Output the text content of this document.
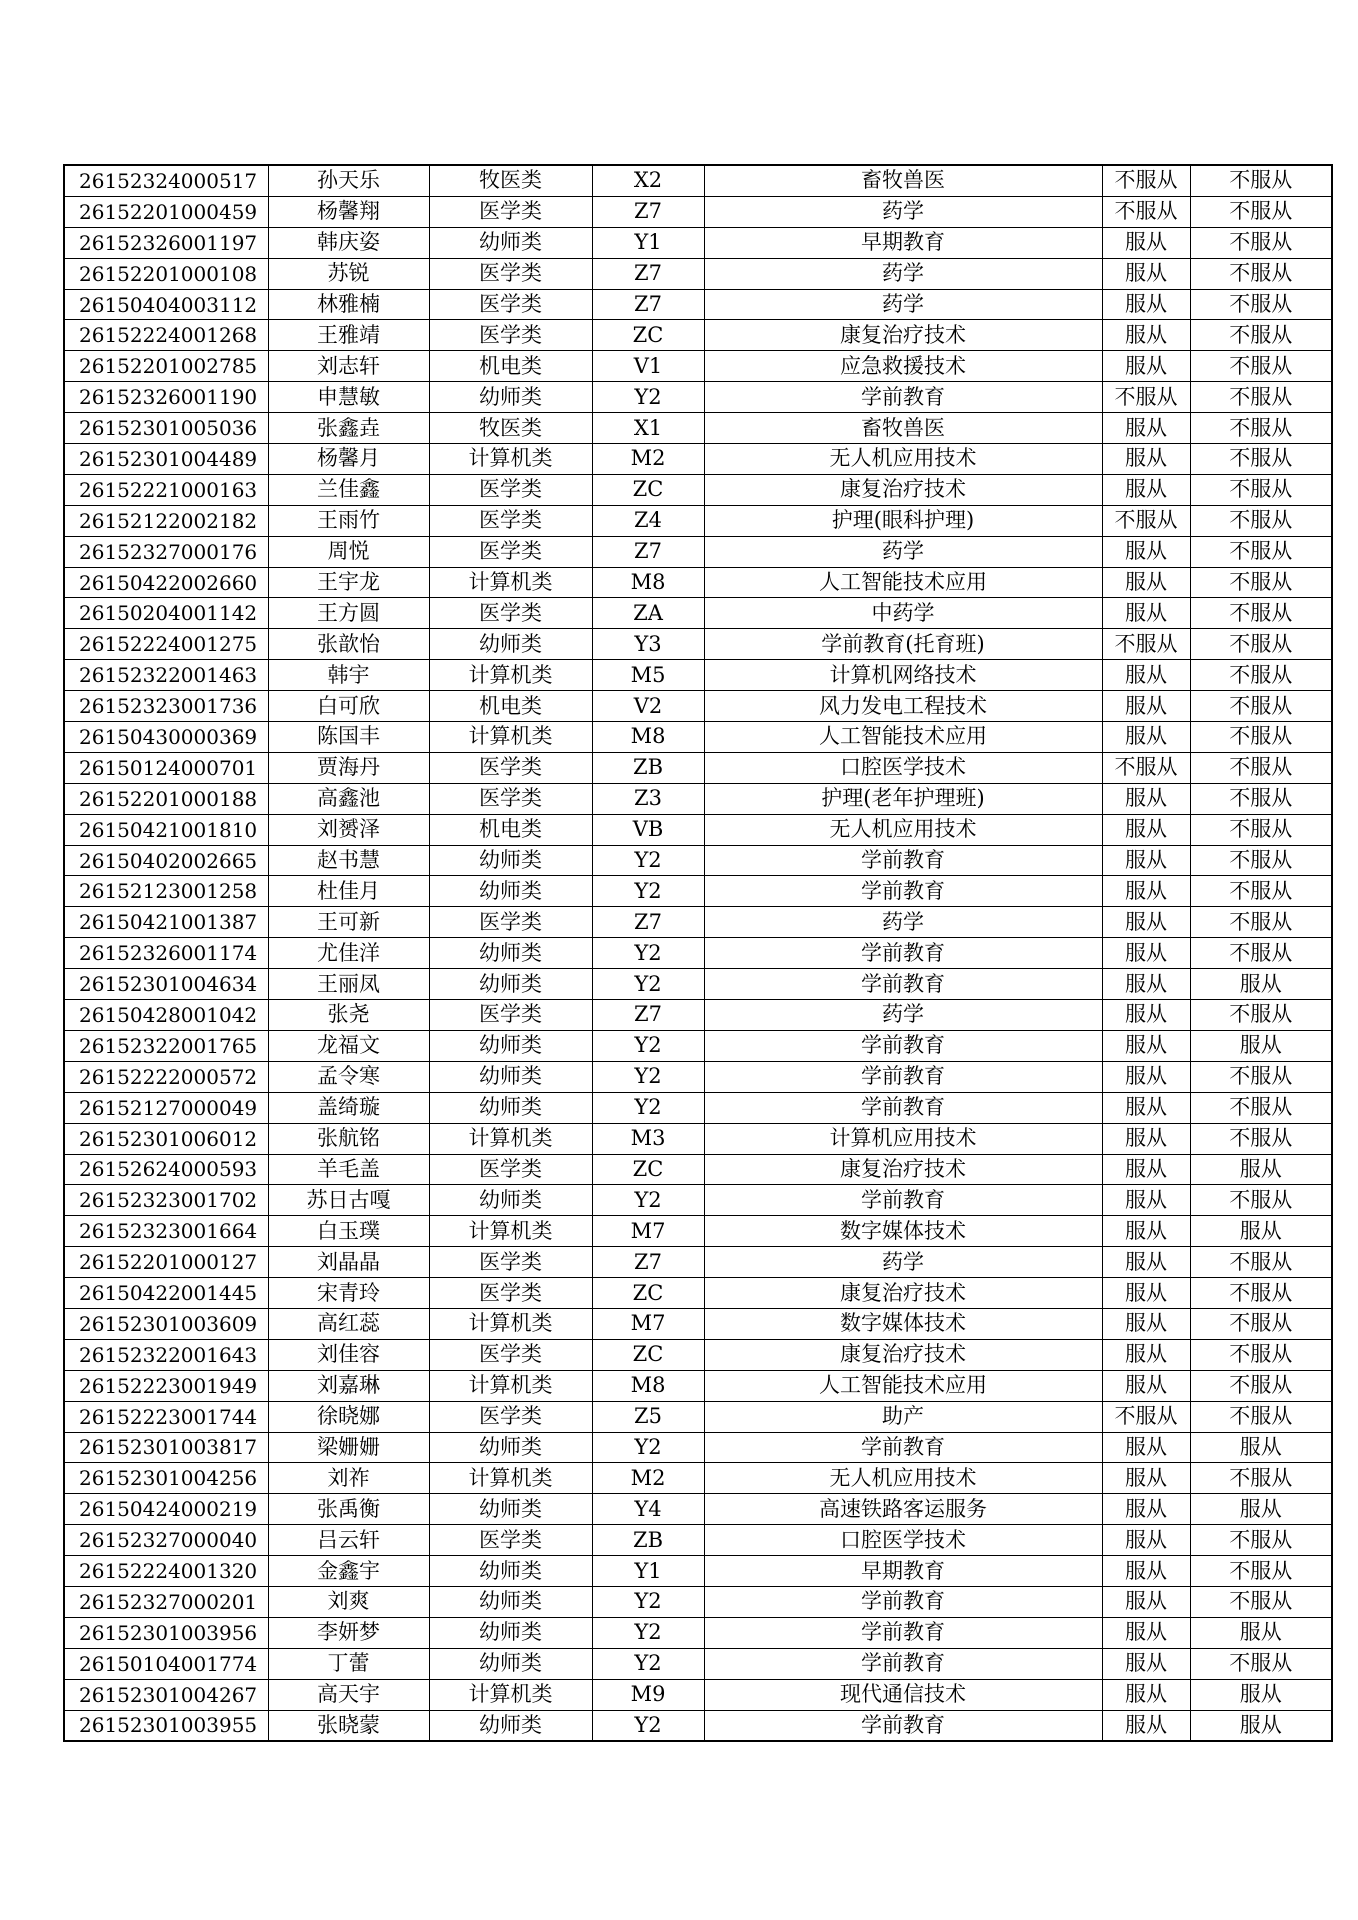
26152324000517	孙天乐	牧医类	X2	畜牧兽医	不服从	不服从
26152201000459	杨馨翔	医学类	Z7	药学	不服从	不服从
26152326001197	韩庆姿	幼师类	Y1	早期教育	服从	不服从
26152201000108	苏锐	医学类	Z7	药学	服从	不服从
26150404003112	林雅楠	医学类	Z7	药学	服从	不服从
26152224001268	王雅靖	医学类	ZC	康复治疗技术	服从	不服从
26152201002785	刘志轩	机电类	V1	应急救援技术	服从	不服从
26152326001190	申慧敏	幼师类	Y2	学前教育	不服从	不服从
26152301005036	张鑫垚	牧医类	X1	畜牧兽医	服从	不服从
26152301004489	杨馨月	计算机类	M2	无人机应用技术	服从	不服从
26152221000163	兰佳鑫	医学类	ZC	康复治疗技术	服从	不服从
26152122002182	王雨竹	医学类	Z4	护理(眼科护理)	不服从	不服从
26152327000176	周悦	医学类	Z7	药学	服从	不服从
26150422002660	王宇龙	计算机类	M8	人工智能技术应用	服从	不服从
26150204001142	王方圆	医学类	ZA	中药学	服从	不服从
26152224001275	张歆怡	幼师类	Y3	学前教育(托育班)	不服从	不服从
26152322001463	韩宇	计算机类	M5	计算机网络技术	服从	不服从
26152323001736	白可欣	机电类	V2	风力发电工程技术	服从	不服从
26150430000369	陈国丰	计算机类	M8	人工智能技术应用	服从	不服从
26150124000701	贾海丹	医学类	ZB	口腔医学技术	不服从	不服从
26152201000188	高鑫池	医学类	Z3	护理(老年护理班)	服从	不服从
26150421001810	刘赟泽	机电类	VB	无人机应用技术	服从	不服从
26150402002665	赵书慧	幼师类	Y2	学前教育	服从	不服从
26152123001258	杜佳月	幼师类	Y2	学前教育	服从	不服从
26150421001387	王可新	医学类	Z7	药学	服从	不服从
26152326001174	尤佳洋	幼师类	Y2	学前教育	服从	不服从
26152301004634	王丽凤	幼师类	Y2	学前教育	服从	服从
26150428001042	张尧	医学类	Z7	药学	服从	不服从
26152322001765	龙福文	幼师类	Y2	学前教育	服从	服从
26152222000572	孟令寒	幼师类	Y2	学前教育	服从	不服从
26152127000049	盖绮璇	幼师类	Y2	学前教育	服从	不服从
26152301006012	张航铭	计算机类	M3	计算机应用技术	服从	不服从
26152624000593	羊毛盖	医学类	ZC	康复治疗技术	服从	服从
26152323001702	苏日古嘎	幼师类	Y2	学前教育	服从	不服从
26152323001664	白玉璞	计算机类	M7	数字媒体技术	服从	服从
26152201000127	刘晶晶	医学类	Z7	药学	服从	不服从
26150422001445	宋青玲	医学类	ZC	康复治疗技术	服从	不服从
26152301003609	高红蕊	计算机类	M7	数字媒体技术	服从	不服从
26152322001643	刘佳容	医学类	ZC	康复治疗技术	服从	不服从
26152223001949	刘嘉琳	计算机类	M8	人工智能技术应用	服从	不服从
26152223001744	徐晓娜	医学类	Z5	助产	不服从	不服从
26152301003817	梁姗姗	幼师类	Y2	学前教育	服从	服从
26152301004256	刘祚	计算机类	M2	无人机应用技术	服从	不服从
26150424000219	张禹衡	幼师类	Y4	高速铁路客运服务	服从	服从
26152327000040	吕云轩	医学类	ZB	口腔医学技术	服从	不服从
26152224001320	金鑫宇	幼师类	Y1	早期教育	服从	不服从
26152327000201	刘爽	幼师类	Y2	学前教育	服从	不服从
26152301003956	李妍梦	幼师类	Y2	学前教育	服从	服从
26150104001774	丁蕾	幼师类	Y2	学前教育	服从	不服从
26152301004267	高天宇	计算机类	M9	现代通信技术	服从	服从
26152301003955	张晓蒙	幼师类	Y2	学前教育	服从	服从
